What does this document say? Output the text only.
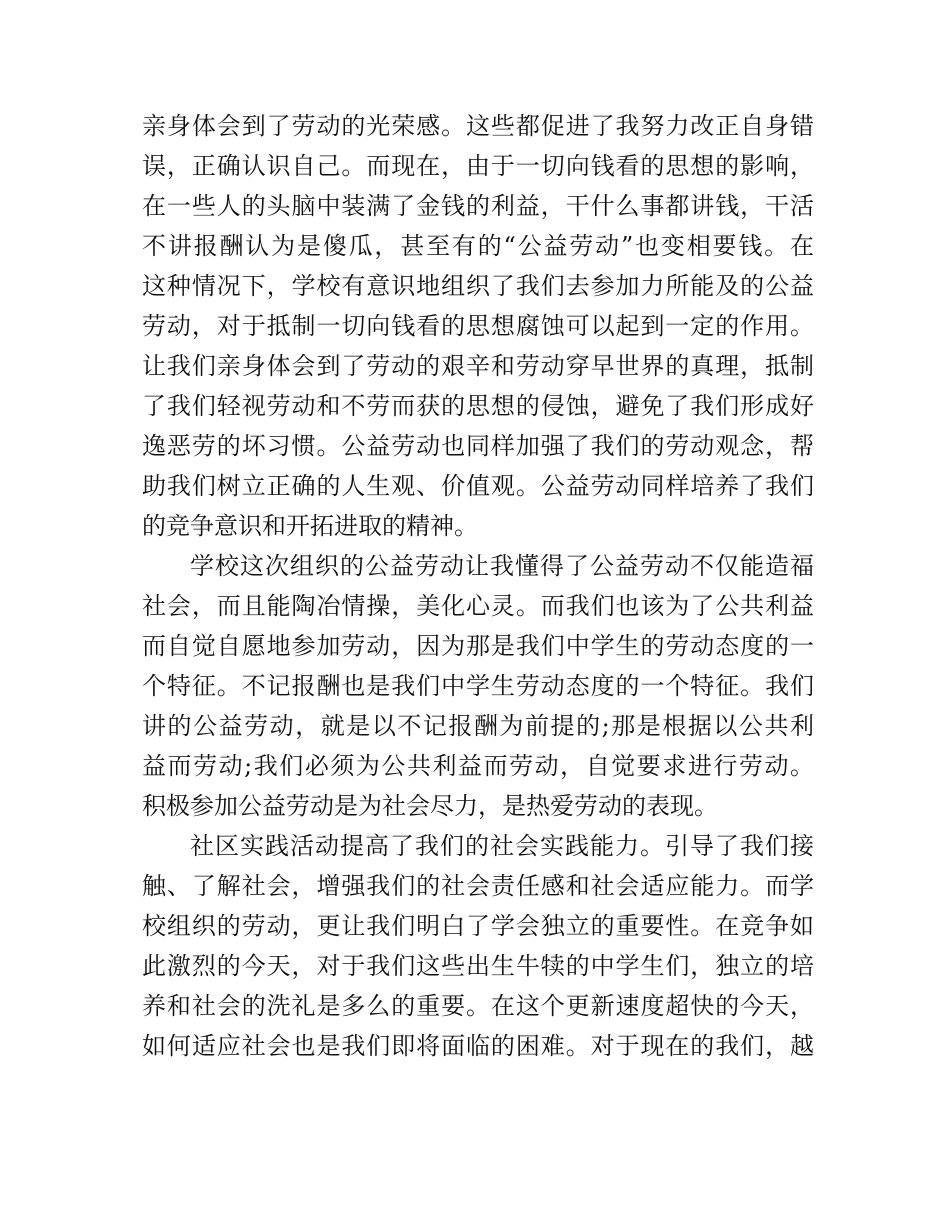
亲身体会到了劳动的光荣感。这些都促进了我努力改正自身错
误，正确认识自己。而现在，由于一切向钱看的思想的影响，
在一些人的头脑中装满了金钱的利益，干什么事都讲钱，干活
不讲报酬认为是傻瓜，甚至有的“公益劳动”也变相要钱。在
这种情况下，学校有意识地组织了我们去参加力所能及的公益
劳动，对于抵制一切向钱看的思想腐蚀可以起到一定的作用。
让我们亲身体会到了劳动的艰辛和劳动穿早世界的真理，抵制
了我们轻视劳动和不劳而获的思想的侵蚀，避免了我们形成好
逸恶劳的坏习惯。公益劳动也同样加强了我们的劳动观念，帮
助我们树立正确的人生观、价值观。公益劳动同样培养了我们
的竞争意识和开拓进取的精神。
学校这次组织的公益劳动让我懂得了公益劳动不仅能造福
社会，而且能陶冶情操，美化心灵。而我们也该为了公共利益
而自觉自愿地参加劳动，因为那是我们中学生的劳动态度的一
个特征。不记报酬也是我们中学生劳动态度的一个特征。我们
讲的公益劳动，就是以不记报酬为前提的;那是根据以公共利
益而劳动;我们必须为公共利益而劳动，自觉要求进行劳动。
积极参加公益劳动是为社会尽力，是热爱劳动的表现。
社区实践活动提高了我们的社会实践能力。引导了我们接
触、了解社会，增强我们的社会责任感和社会适应能力。而学
校组织的劳动，更让我们明白了学会独立的重要性。在竞争如
此激烈的今天，对于我们这些出生牛犊的中学生们，独立的培
养和社会的洗礼是多么的重要。在这个更新速度超快的今天，
如何适应社会也是我们即将面临的困难。对于现在的我们，越
